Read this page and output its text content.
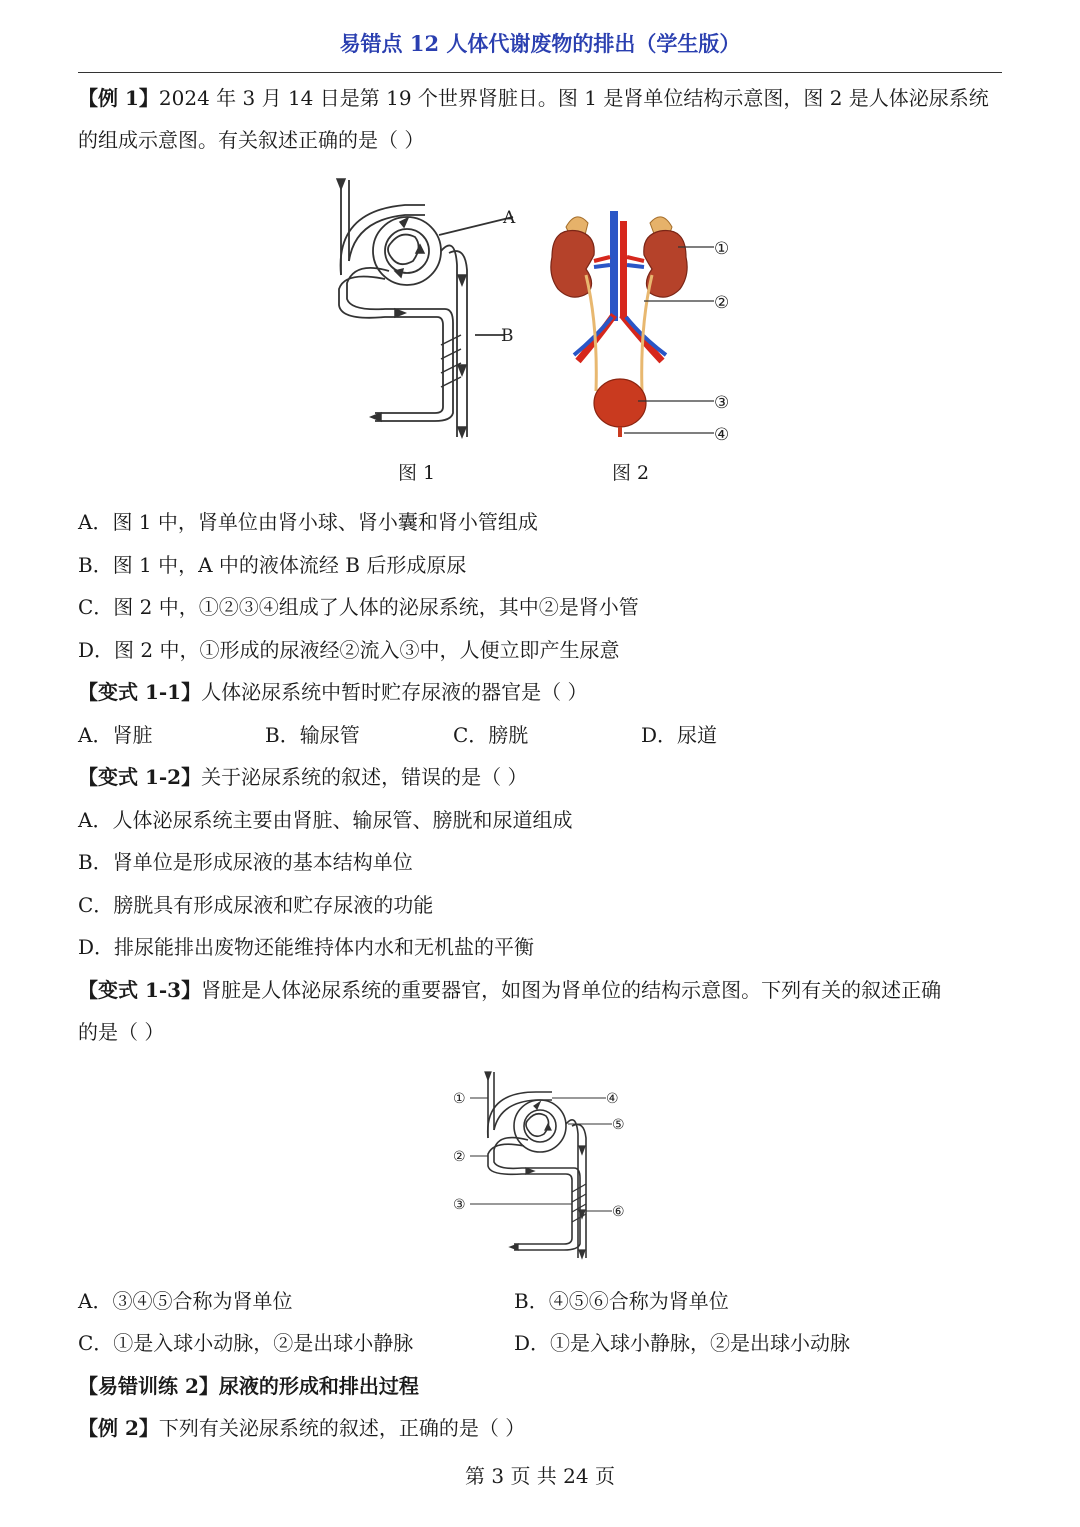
易错点 12 人体代谢废物的排出（学生版）
【例 1】2024 年 3 月 14 日是第 19 个世界肾脏日。图 1 是肾单位结构示意图，图 2 是人体泌尿系统
的组成示意图。有关叙述正确的是（ ）
A
B
图 1
①
②
③
④
图 2
A．图 1 中，肾单位由肾小球、肾小囊和肾小管组成
B．图 1 中，A 中的液体流经 B 后形成原尿
C．图 2 中，①②③④组成了人体的泌尿系统，其中②是肾小管
D．图 2 中，①形成的尿液经②流入③中，人便立即产生尿意
【变式 1-1】人体泌尿系统中暂时贮存尿液的器官是（ ）
A．肾脏	B．输尿管	C．膀胱	D．尿道
【变式 1-2】关于泌尿系统的叙述，错误的是（ ）
A．人体泌尿系统主要由肾脏、输尿管、膀胱和尿道组成
B．肾单位是形成尿液的基本结构单位
C．膀胱具有形成尿液和贮存尿液的功能
D．排尿能排出废物还能维持体内水和无机盐的平衡
【变式 1-3】肾脏是人体泌尿系统的重要器官，如图为肾单位的结构示意图。下列有关的叙述正确
的是（ ）
①
②
③
④
⑤
⑥
A．③④⑤合称为肾单位	B．④⑤⑥合称为肾单位
C．①是入球小动脉，②是出球小静脉	D．①是入球小静脉，②是出球小动脉
【易错训练 2】尿液的形成和排出过程
【例 2】下列有关泌尿系统的叙述，正确的是（ ）
第 3 页 共 24 页
